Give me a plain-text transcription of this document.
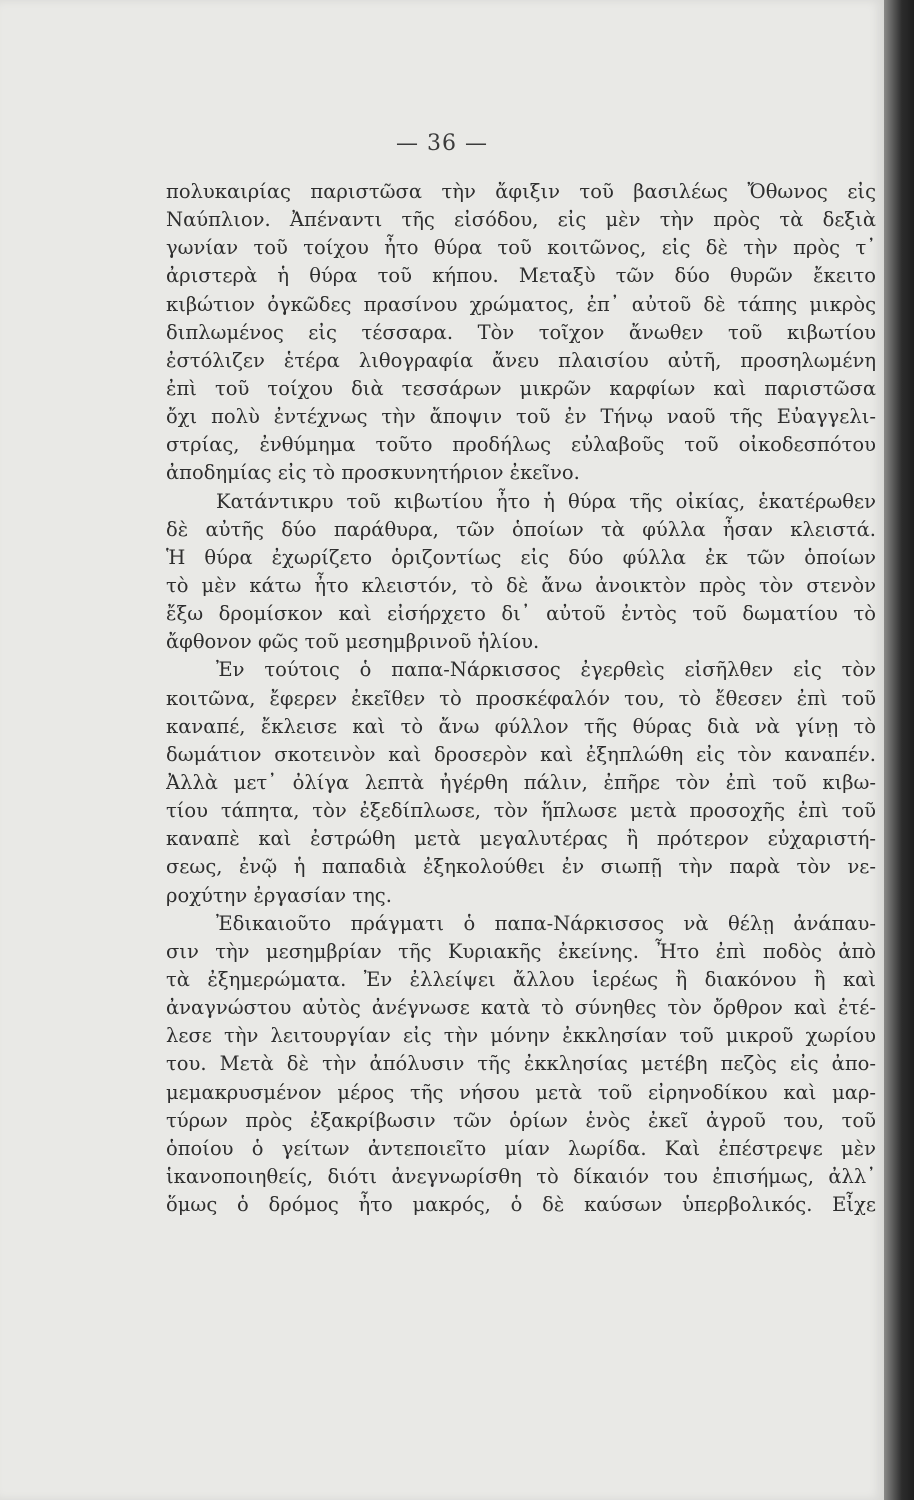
— 36 —
πολυκαιρίας παριστῶσα τὴν ἄφιξιν τοῦ βασιλέως Ὄθωνος εἰς
Ναύπλιον. Ἀπέναντι τῆς εἰσόδου, εἰς μὲν τὴν πρὸς τὰ δεξιὰ
γωνίαν τοῦ τοίχου ἦτο θύρα τοῦ κοιτῶνος, εἰς δὲ τὴν πρὸς τ᾿
ἀριστερὰ ἡ θύρα τοῦ κήπου. Μεταξὺ τῶν δύο θυρῶν ἔκειτο
κιβώτιον ὀγκῶδες πρασίνου χρώματος, ἐπ᾿ αὐτοῦ δὲ τάπης μικρὸς
διπλωμένος εἰς τέσσαρα. Τὸν τοῖχον ἄνωθεν τοῦ κιβωτίου
ἐστόλιζεν ἑτέρα λιθογραφία ἄνευ πλαισίου αὐτῆ, προσηλωμένη
ἐπὶ τοῦ τοίχου διὰ τεσσάρων μικρῶν καρφίων καὶ παριστῶσα
ὄχι πολὺ ἐντέχνως τὴν ἄποψιν τοῦ ἐν Τήνῳ ναοῦ τῆς Εὐαγγελι-
στρίας, ἐνθύμημα τοῦτο προδήλως εὐλαβοῦς τοῦ οἰκοδεσπότου
ἀποδημίας εἰς τὸ προσκυνητήριον ἐκεῖνο.
Κατάντικρυ τοῦ κιβωτίου ἦτο ἡ θύρα τῆς οἰκίας, ἑκατέρωθεν
δὲ αὐτῆς δύο παράθυρα, τῶν ὁποίων τὰ φύλλα ἦσαν κλειστά.
Ἡ θύρα ἐχωρίζετο ὁριζοντίως εἰς δύο φύλλα ἐκ τῶν ὁποίων
τὸ μὲν κάτω ἦτο κλειστόν, τὸ δὲ ἄνω ἀνοικτὸν πρὸς τὸν στενὸν
ἔξω δρομίσκον καὶ εἰσήρχετο δι᾿ αὐτοῦ ἐντὸς τοῦ δωματίου τὸ
ἄφθονον φῶς τοῦ μεσημβρινοῦ ἡλίου.
Ἐν τούτοις ὁ παπα-Νάρκισσος ἐγερθεὶς εἰσῆλθεν εἰς τὸν
κοιτῶνα, ἔφερεν ἐκεῖθεν τὸ προσκέφαλόν του, τὸ ἔθεσεν ἐπὶ τοῦ
καναπέ, ἔκλεισε καὶ τὸ ἄνω φύλλον τῆς θύρας διὰ νὰ γίνῃ τὸ
δωμάτιον σκοτεινὸν καὶ δροσερὸν καὶ ἐξηπλώθη εἰς τὸν καναπέν.
Ἀλλὰ μετ᾿ ὀλίγα λεπτὰ ἠγέρθη πάλιν, ἐπῆρε τὸν ἐπὶ τοῦ κιβω-
τίου τάπητα, τὸν ἐξεδίπλωσε, τὸν ἥπλωσε μετὰ προσοχῆς ἐπὶ τοῦ
καναπὲ καὶ ἐστρώθη μετὰ μεγαλυτέρας ἢ πρότερον εὐχαριστή-
σεως, ἐνῷ ἡ παπαδιὰ ἐξηκολούθει ἐν σιωπῇ τὴν παρὰ τὸν νε-
ροχύτην ἐργασίαν της.
Ἐδικαιοῦτο πράγματι ὁ παπα-Νάρκισσος νὰ θέλῃ ἀνάπαυ-
σιν τὴν μεσημβρίαν τῆς Κυριακῆς ἐκείνης. Ἦτο ἐπὶ ποδὸς ἀπὸ
τὰ ἐξημερώματα. Ἐν ἐλλείψει ἄλλου ἱερέως ἢ διακόνου ἢ καὶ
ἀναγνώστου αὐτὸς ἀνέγνωσε κατὰ τὸ σύνηθες τὸν ὄρθρον καὶ ἐτέ-
λεσε τὴν λειτουργίαν εἰς τὴν μόνην ἐκκλησίαν τοῦ μικροῦ χωρίου
του. Μετὰ δὲ τὴν ἀπόλυσιν τῆς ἐκκλησίας μετέβη πεζὸς εἰς ἀπο-
μεμακρυσμένον μέρος τῆς νήσου μετὰ τοῦ εἰρηνοδίκου καὶ μαρ-
τύρων πρὸς ἐξακρίβωσιν τῶν ὁρίων ἑνὸς ἐκεῖ ἀγροῦ του, τοῦ
ὁποίου ὁ γείτων ἀντεποιεῖτο μίαν λωρίδα. Καὶ ἐπέστρεψε μὲν
ἱκανοποιηθείς, διότι ἀνεγνωρίσθη τὸ δίκαιόν του ἐπισήμως, ἀλλ᾿
ὅμως ὁ δρόμος ἦτο μακρός, ὁ δὲ καύσων ὑπερβολικός. Εἶχε
